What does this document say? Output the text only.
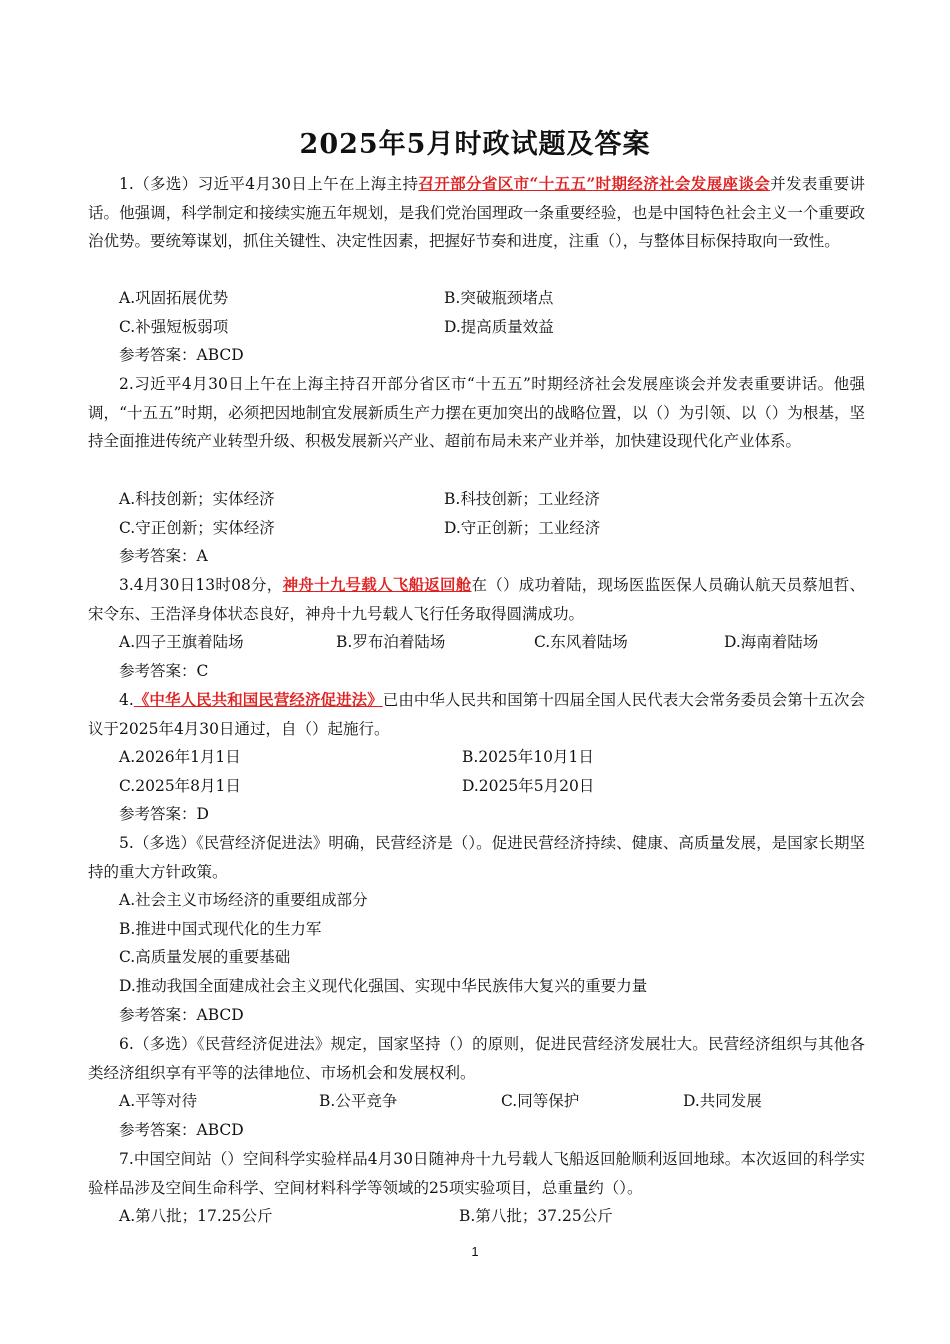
2025年5月时政试题及答案
1.（多选）习近平4月30日上午在上海主持召开部分省区市“十五五”时期经济社会发展座谈会并发表重要讲话。他强调，科学制定和接续实施五年规划，是我们党治国理政一条重要经验，也是中国特色社会主义一个重要政治优势。要统筹谋划，抓住关键性、决定性因素，把握好节奏和进度，注重（），与整体目标保持取向一致性。
A.巩固拓展优势	B.突破瓶颈堵点
C.补强短板弱项	D.提高质量效益
参考答案：ABCD
2.习近平4月30日上午在上海主持召开部分省区市“十五五”时期经济社会发展座谈会并发表重要讲话。他强调，“十五五”时期，必须把因地制宜发展新质生产力摆在更加突出的战略位置，以（）为引领、以（）为根基，坚持全面推进传统产业转型升级、积极发展新兴产业、超前布局未来产业并举，加快建设现代化产业体系。
A.科技创新；实体经济	B.科技创新；工业经济
C.守正创新；实体经济	D.守正创新；工业经济
参考答案：A
3.4月30日13时08分，神舟十九号载人飞船返回舱在（）成功着陆，现场医监医保人员确认航天员蔡旭哲、宋令东、王浩泽身体状态良好，神舟十九号载人飞行任务取得圆满成功。
A.四子王旗着陆场	B.罗布泊着陆场	C.东风着陆场	D.海南着陆场
参考答案：C
4.《中华人民共和国民营经济促进法》已由中华人民共和国第十四届全国人民代表大会常务委员会第十五次会议于2025年4月30日通过，自（）起施行。
A.2026年1月1日	B.2025年10月1日
C.2025年8月1日	D.2025年5月20日
参考答案：D
5.（多选）《民营经济促进法》明确，民营经济是（）。促进民营经济持续、健康、高质量发展，是国家长期坚持的重大方针政策。
A.社会主义市场经济的重要组成部分
B.推进中国式现代化的生力军
C.高质量发展的重要基础
D.推动我国全面建成社会主义现代化强国、实现中华民族伟大复兴的重要力量
参考答案：ABCD
6.（多选）《民营经济促进法》规定，国家坚持（）的原则，促进民营经济发展壮大。民营经济组织与其他各类经济组织享有平等的法律地位、市场机会和发展权利。
A.平等对待	B.公平竞争	C.同等保护	D.共同发展
参考答案：ABCD
7.中国空间站（）空间科学实验样品4月30日随神舟十九号载人飞船返回舱顺利返回地球。本次返回的科学实验样品涉及空间生命科学、空间材料科学等领域的25项实验项目，总重量约（）。
A.第八批；17.25公斤	B.第八批；37.25公斤
1
